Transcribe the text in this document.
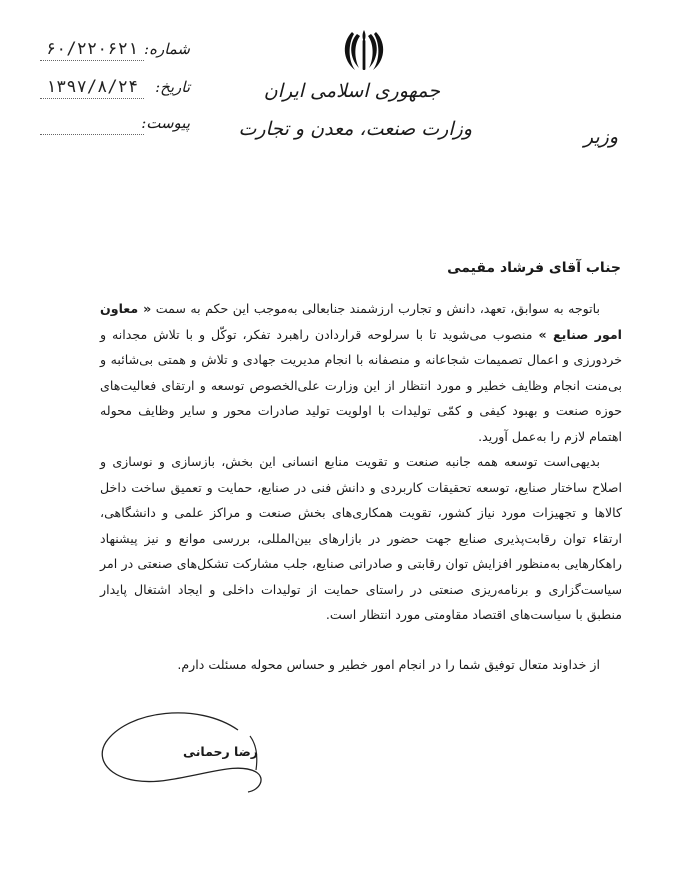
جمهوری اسلامی ایران
وزارت صنعت، معدن و تجارت	وزیر
شماره:
۶۰/۲۲۰۶۲۱
تاریخ:
۱۳۹۷/۸/۲۴
پیوست:
جناب آقای فرشاد مقیمی

باتوجه به سوابق، تعهد، دانش و تجارب ارزشمند جنابعالی به‌موجب این حکم به سمت « معاون امور صنایع » منصوب می‌شوید تا با سرلوحه قراردادن راهبرد تفکر، توکّل و با تلاش مجدانه و خردورزی و اعمال تصمیمات شجاعانه و منصفانه با انجام مدیریت جهادی و تلاش و همتی بی‌شائبه و بی‌منت انجام وظایف خطیر و مورد انتظار از این وزارت علی‌الخصوص توسعه و ارتقای فعالیت‌های حوزه صنعت و بهبود کیفی و کمّی تولیدات با اولویت تولید صادرات محور و سایر وظایف محوله اهتمام لازم را به‌عمل آورید.

بدیهی‌است توسعه همه جانبه صنعت و تقویت منابع انسانی این بخش، بازسازی و نوسازی و اصلاح ساختار صنایع، توسعه تحقیقات کاربردی و دانش فنی در صنایع، حمایت و تعمیق ساخت داخل کالاها و تجهیزات مورد نیاز کشور، تقویت همکاری‌های بخش صنعت و مراکز علمی و دانشگاهی، ارتقاء توان رقابت‌پذیری صنایع جهت حضور در بازارهای بین‌المللی، بررسی موانع و نیز پیشنهاد راهکارهایی به‌منظور افزایش توان رقابتی و صادراتی صنایع، جلب مشارکت تشکل‌های صنعتی در امر سیاست‌گزاری و برنامه‌ریزی صنعتی در راستای حمایت از تولیدات داخلی و ایجاد اشتغال پایدار منطبق با سیاست‌های اقتصاد مقاومتی مورد انتظار است.

از خداوند متعال توفیق شما را در انجام امور خطیر و حساس محوله مسئلت دارم.
رضا رحمانی
